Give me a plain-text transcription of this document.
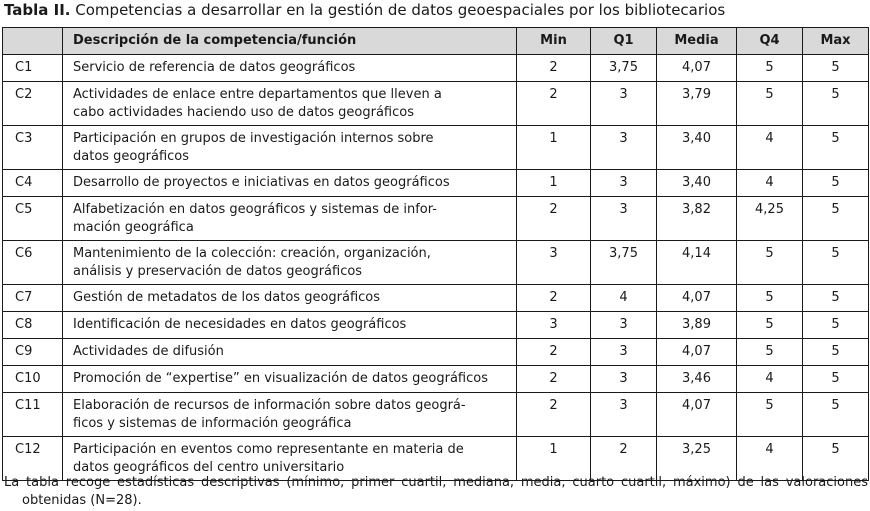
Tabla II. Competencias a desarrollar en la gestión de datos geoespaciales por los bibliotecarios
	Descripción de la competencia/función	Min	Q1	Media	Q4	Max
C1	Servicio de referencia de datos geográficos	2	3,75	4,07	5	5
C2	Actividades de enlace entre departamentos que lleven a
cabo actividades haciendo uso de datos geográficos	2	3	3,79	5	5
C3	Participación en grupos de investigación internos sobre
datos geográficos	1	3	3,40	4	5
C4	Desarrollo de proyectos e iniciativas en datos geográficos	1	3	3,40	4	5
C5	Alfabetización en datos geográficos y sistemas de infor-
mación geográfica	2	3	3,82	4,25	5
C6	Mantenimiento de la colección: creación, organización,
análisis y preservación de datos geográficos	3	3,75	4,14	5	5
C7	Gestión de metadatos de los datos geográficos	2	4	4,07	5	5
C8	Identificación de necesidades en datos geográficos	3	3	3,89	5	5
C9	Actividades de difusión	2	3	4,07	5	5
C10	Promoción de “expertise” en visualización de datos geográficos	2	3	3,46	4	5
C11	Elaboración de recursos de información sobre datos geográ-
ficos y sistemas de información geográfica	2	3	4,07	5	5
C12	Participación en eventos como representante en materia de
datos geográficos del centro universitario	1	2	3,25	4	5
La tabla recoge estadísticas descriptivas (mínimo, primer cuartil, mediana, media, cuarto cuartil, máximo) de las valoraciones
obtenidas (N=28).
